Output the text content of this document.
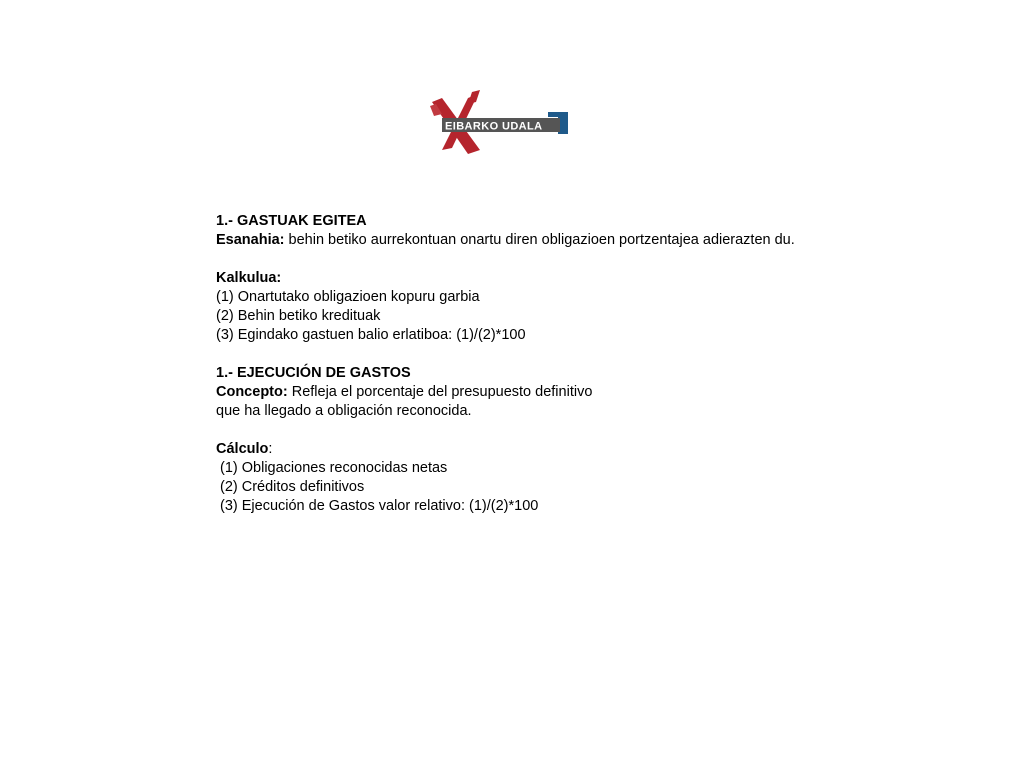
EIBARKO UDALA
1.- GASTUAK EGITEA
Esanahia: behin betiko aurrekontuan onartu diren obligazioen portzentajea adierazten du.
Kalkulua:
(1) Onartutako obligazioen kopuru garbia
(2) Behin betiko kredituak
(3) Egindako gastuen balio erlatiboa: (1)/(2)*100
1.- EJECUCIÓN DE GASTOS
Concepto: Refleja el porcentaje del presupuesto definitivo
que ha llegado a obligación reconocida.
Cálculo:
(1) Obligaciones reconocidas netas
(2) Créditos definitivos
(3) Ejecución de Gastos valor relativo: (1)/(2)*100
